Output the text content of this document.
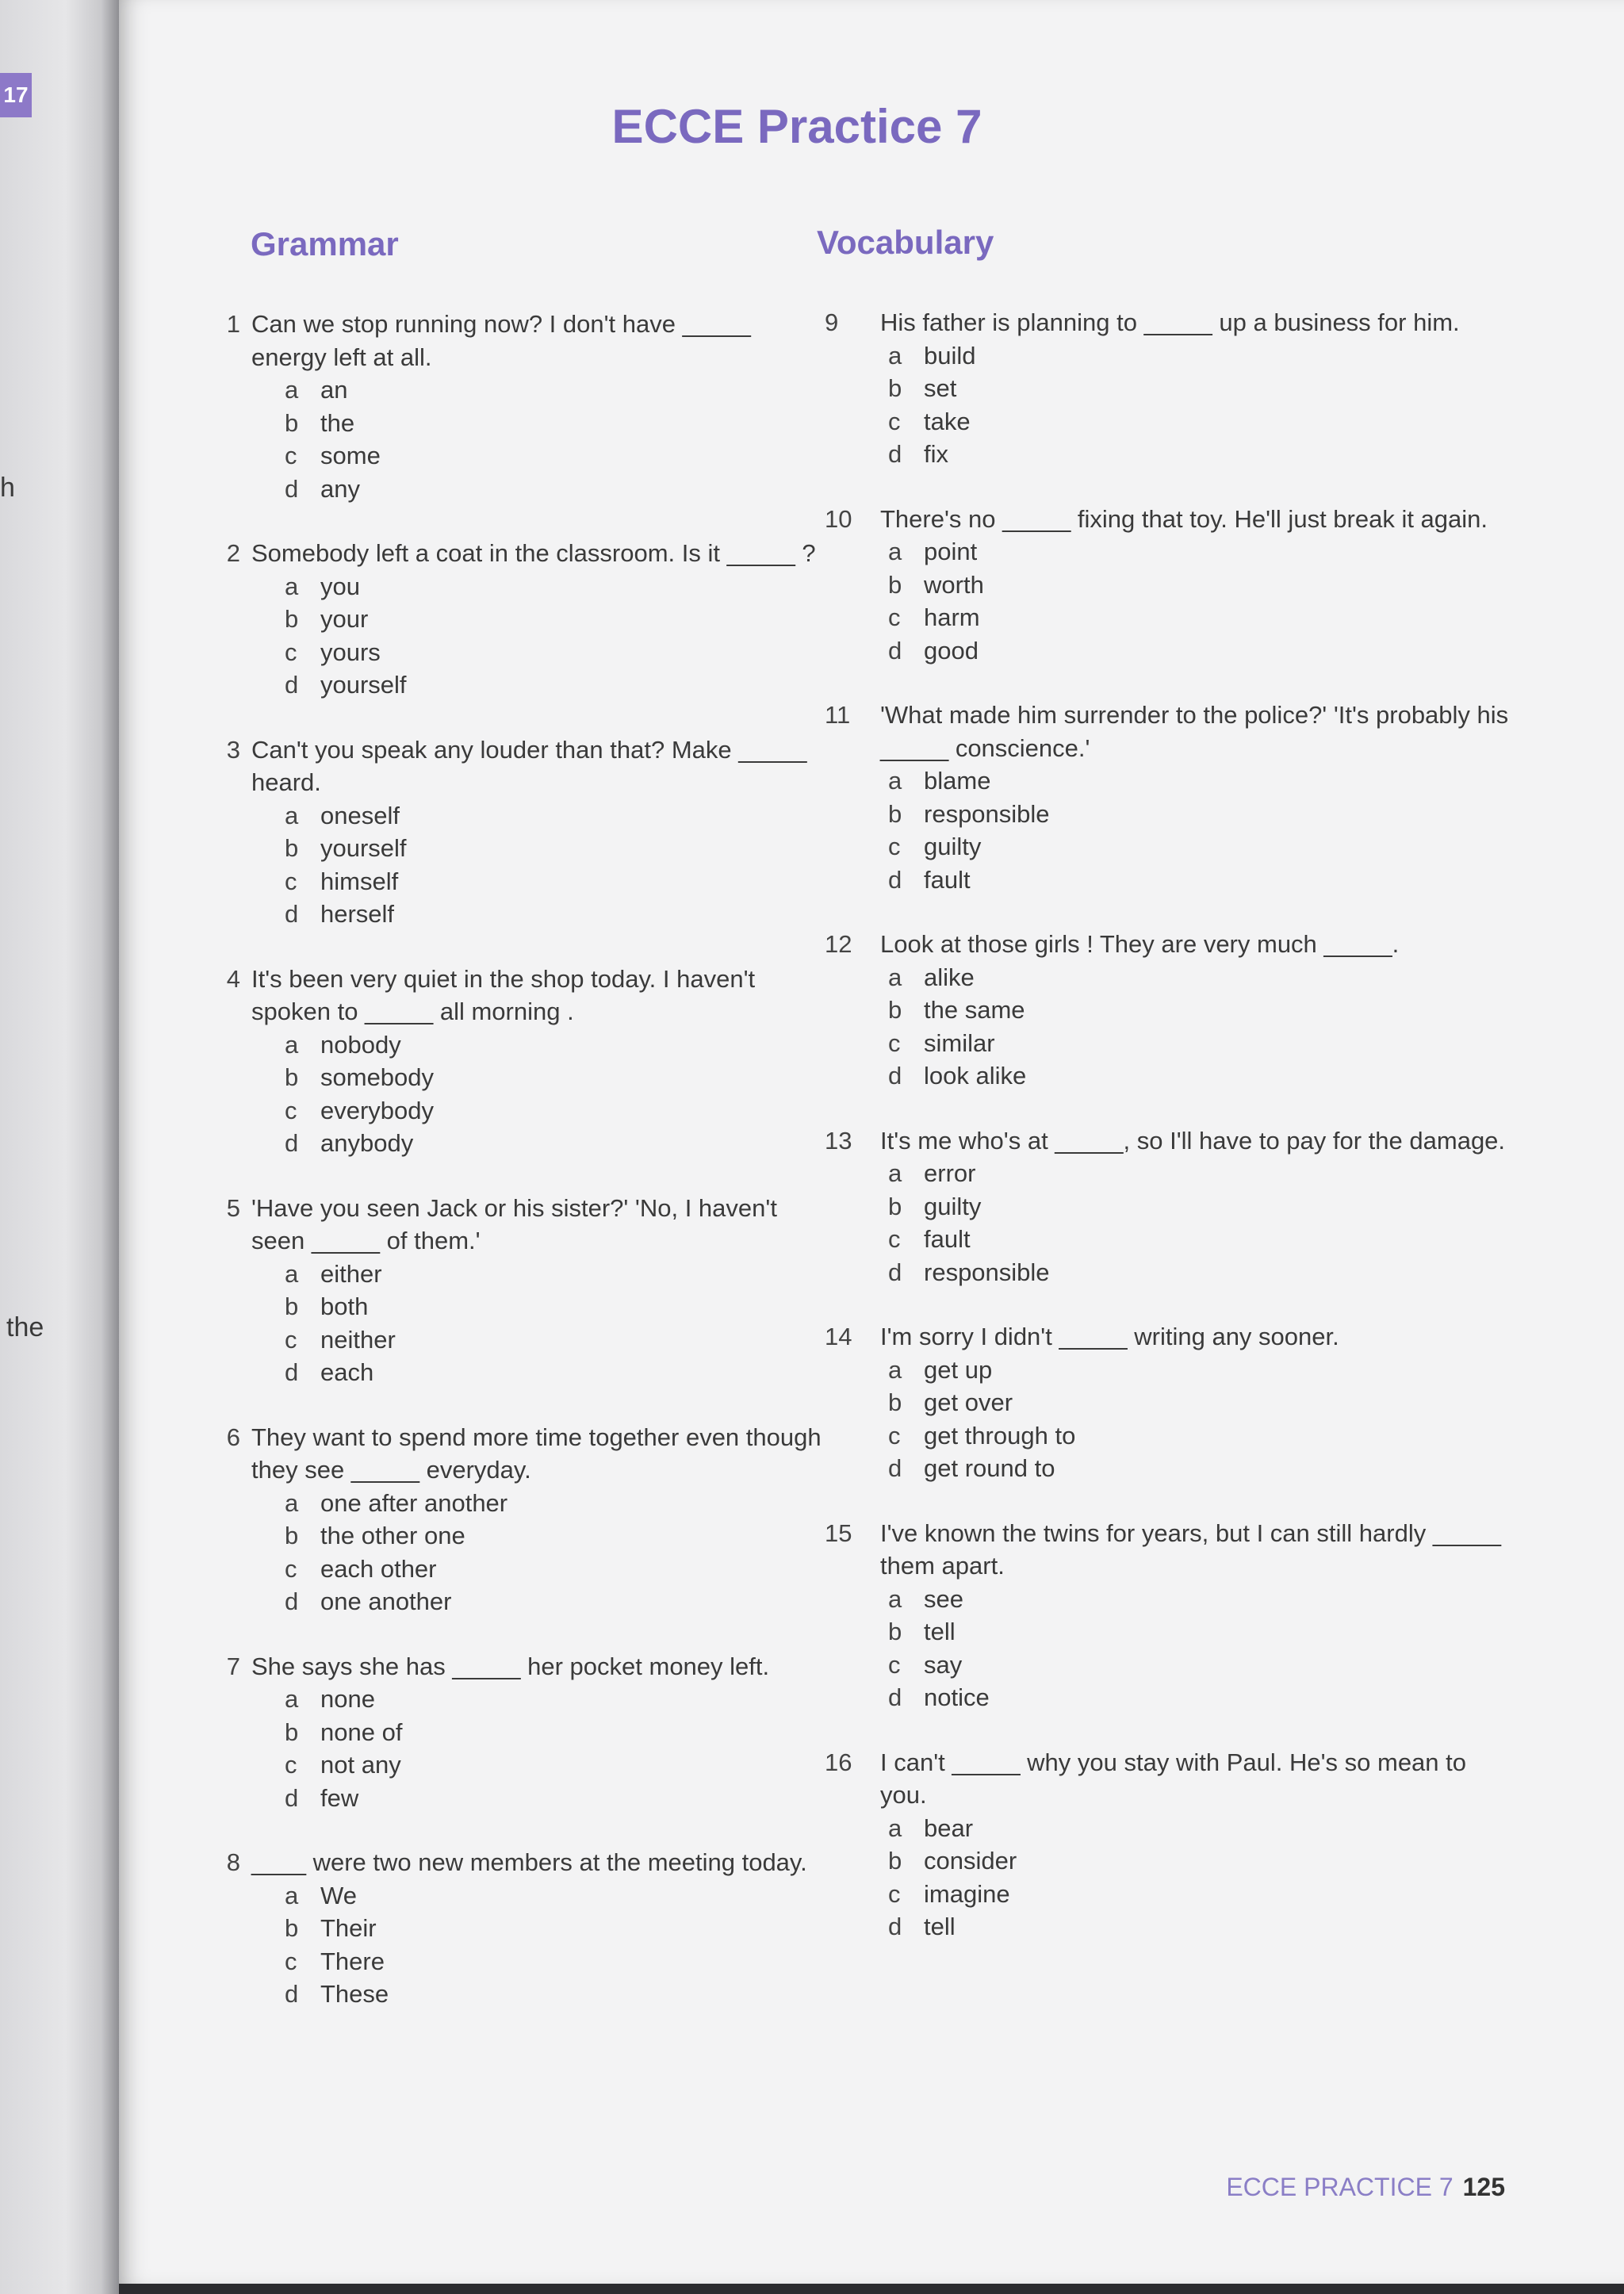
17
h
the
ECCE Practice 7
Grammar
1 Can we stop running now? I don't have _____ energy left at all.
a an
b the
c some
d any
2 Somebody left a coat in the classroom. Is it _____ ?
a you
b your
c yours
d yourself
3 Can't you speak any louder than that? Make _____ heard.
a oneself
b yourself
c himself
d herself
4 It's been very quiet in the shop today. I haven't spoken to _____ all morning .
a nobody
b somebody
c everybody
d anybody
5 'Have you seen Jack or his sister?' 'No, I haven't seen _____ of them.'
a either
b both
c neither
d each
6 They want to spend more time together even though they see _____ everyday.
a one after another
b the other one
c each other
d one another
7 She says she has _____ her pocket money left.
a none
b none of
c not any
d few
8 ____ were two new members at the meeting today.
a We
b Their
c There
d These
Vocabulary
9	His father is planning to _____ up a business for him.
a build
b set
c take
d fix
10	There's no _____ fixing that toy. He'll just break it again.
a point
b worth
c harm
d good
11	'What made him surrender to the police?' 'It's probably his _____ conscience.'
a blame
b responsible
c guilty
d fault
12	Look at those girls ! They are very much _____.
a alike
b the same
c similar
d look alike
13	It's me who's at _____, so I'll have to pay for the damage.
a error
b guilty
c fault
d responsible
14	I'm sorry I didn't _____ writing any sooner.
a get up
b get over
c get through to
d get round to
15	I've known the twins for years, but I can still hardly _____ them apart.
a see
b tell
c say
d notice
16	I can't _____ why you stay with Paul. He's so mean to you.
a bear
b consider
c imagine
d tell
ECCE PRACTICE 7 125
